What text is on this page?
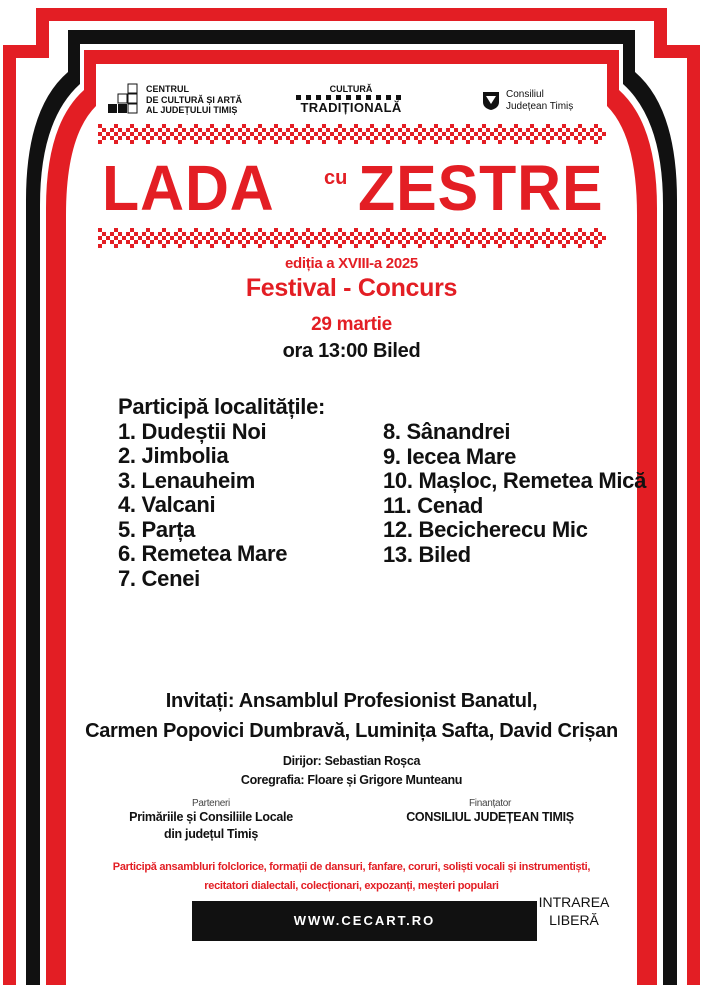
CENTRUL
DE CULTURĂ ȘI ARTĂ
AL JUDEȚULUI TIMIȘ
CULTURĂ
TRADIȚIONALĂ
Consiliul
Județean Timiș
LADA cu ZESTRE
ediția a XVIII-a 2025
Festival - Concurs
29 martie
ora 13:00 Biled
Participă localitățile:
1. Dudeștii Noi
2. Jimbolia
3. Lenauheim
4. Valcani
5. Parța
6. Remetea Mare
7. Cenei
8. Sânandrei
9. Iecea Mare
10. Mașloc, Remetea Mică
11. Cenad
12. Becicherecu Mic
13. Biled
Invitați: Ansamblul Profesionist Banatul,
Carmen Popovici Dumbravă, Luminița Safta, David Crișan
Dirijor: Sebastian Roșca
Coregrafia: Floare și Grigore Munteanu
Parteneri
Primăriile și Consiliile Locale
din județul Timiș
Finanțator
CONSILIUL JUDEȚEAN TIMIȘ
Participă ansambluri folclorice, formații de dansuri, fanfare, coruri, soliști vocali și instrumentiști,
recitatori dialectali, colecționari, expozanți, meșteri populari
WWW.CECART.RO
INTRAREA
LIBERĂ
